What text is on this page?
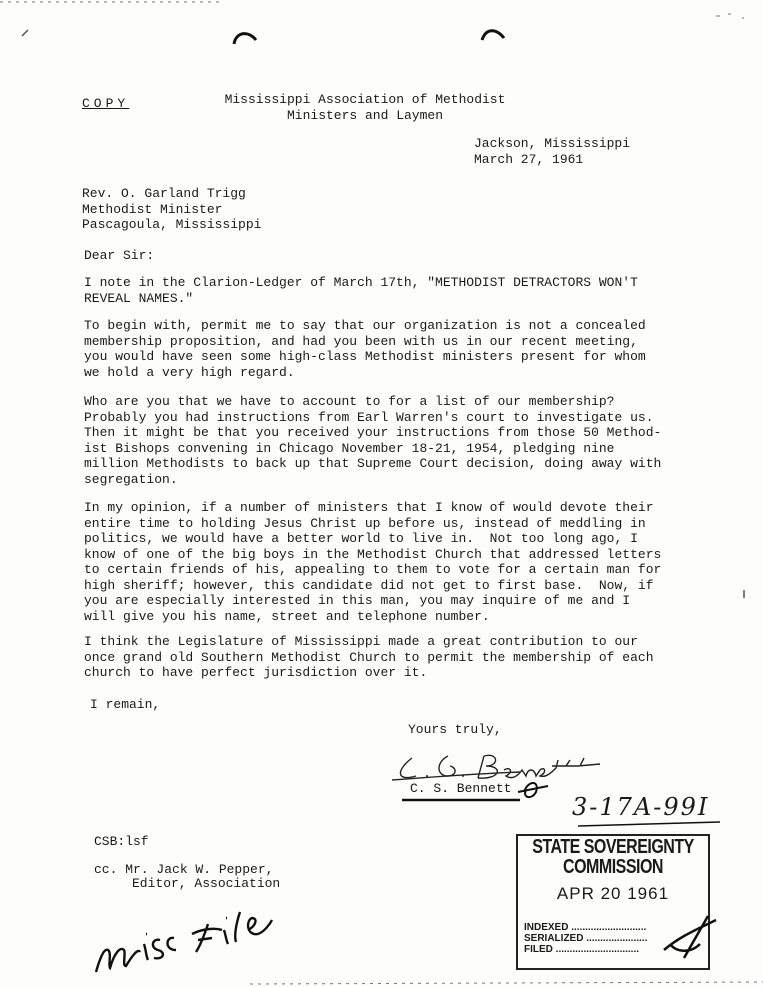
COPY	Mississippi Association of Methodist
Ministers and Laymen
Jackson, Mississippi
March 27, 1961
Rev. O. Garland Trigg
Methodist Minister
Pascagoula, Mississippi
Dear Sir:
I note in the Clarion-Ledger of March 17th, "METHODIST DETRACTORS WON'T
REVEAL NAMES."
To begin with, permit me to say that our organization is not a concealed
membership proposition, and had you been with us in our recent meeting,
you would have seen some high-class Methodist ministers present for whom
we hold a very high regard.
Who are you that we have to account to for a list of our membership?
Probably you had instructions from Earl Warren's court to investigate us.
Then it might be that you received your instructions from those 50 Method-
ist Bishops convening in Chicago November 18-21, 1954, pledging nine
million Methodists to back up that Supreme Court decision, doing away with
segregation.
In my opinion, if a number of ministers that I know of would devote their
entire time to holding Jesus Christ up before us, instead of meddling in
politics, we would have a better world to live in.  Not too long ago, I
know of one of the big boys in the Methodist Church that addressed letters
to certain friends of his, appealing to them to vote for a certain man for
high sheriff; however, this candidate did not get to first base.  Now, if
you are especially interested in this man, you may inquire of me and I
will give you his name, street and telephone number.
I think the Legislature of Mississippi made a great contribution to our
once grand old Southern Methodist Church to permit the membership of each
church to have perfect jurisdiction over it.
I remain,
Yours truly,
C. S. Bennett
CSB:lsf
cc. Mr. Jack W. Pepper,
Editor, Association
3-17A-99I
STATE SOVEREIGNTY COMMISSION
APR 20 1961
INDEXED ...........................
SERIALIZED ......................
FILED ..............................
